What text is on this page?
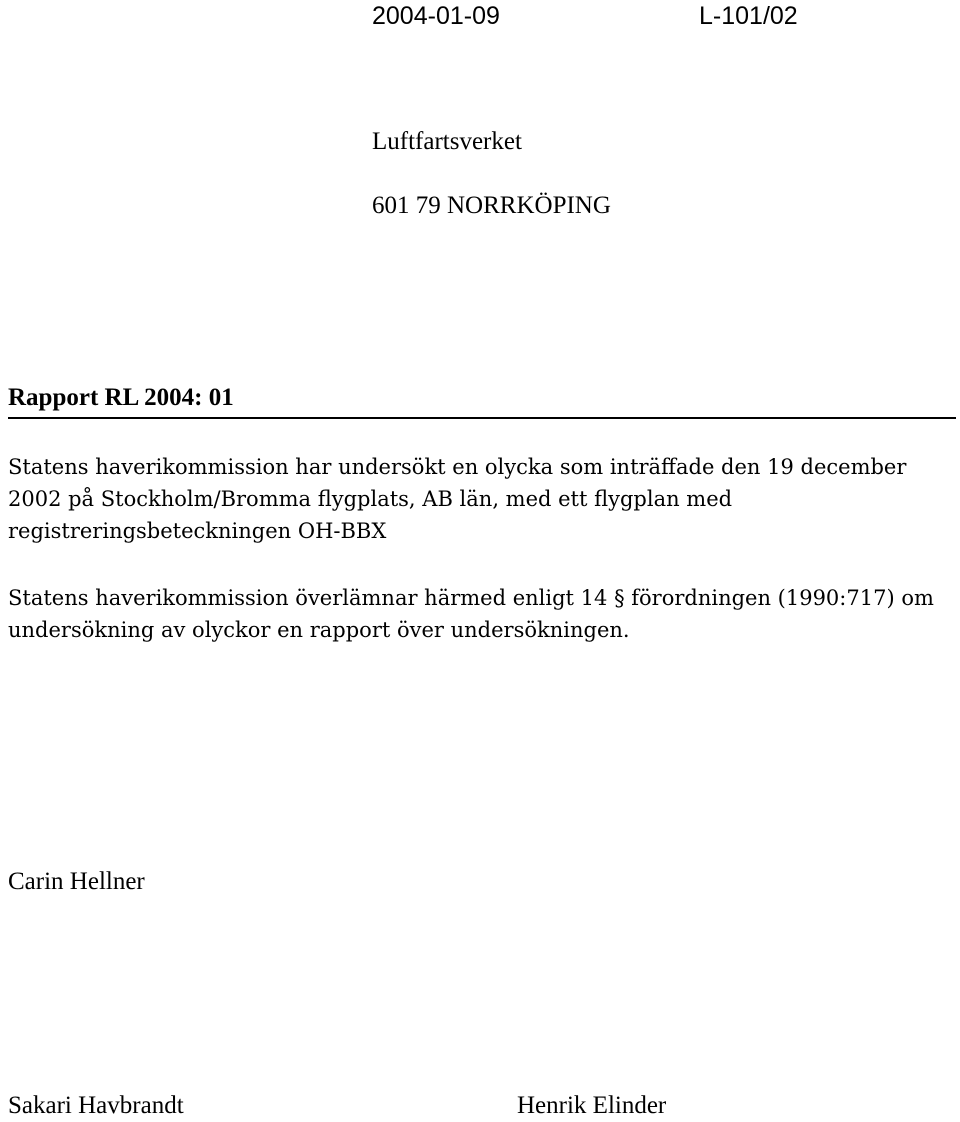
2004-01-09	L-101/02
Luftfartsverket
601 79 NORRKÖPING
Rapport RL 2004: 01
Statens haverikommission har undersökt en olycka som inträffade den 19 december 2002 på Stockholm/Bromma flygplats, AB län, med ett flygplan med registreringsbeteckningen OH-BBX
Statens haverikommission överlämnar härmed enligt 14 § förordningen (1990:717) om undersökning av olyckor en rapport över undersökningen.
Carin Hellner
Sakari Havbrandt	Henrik Elinder
